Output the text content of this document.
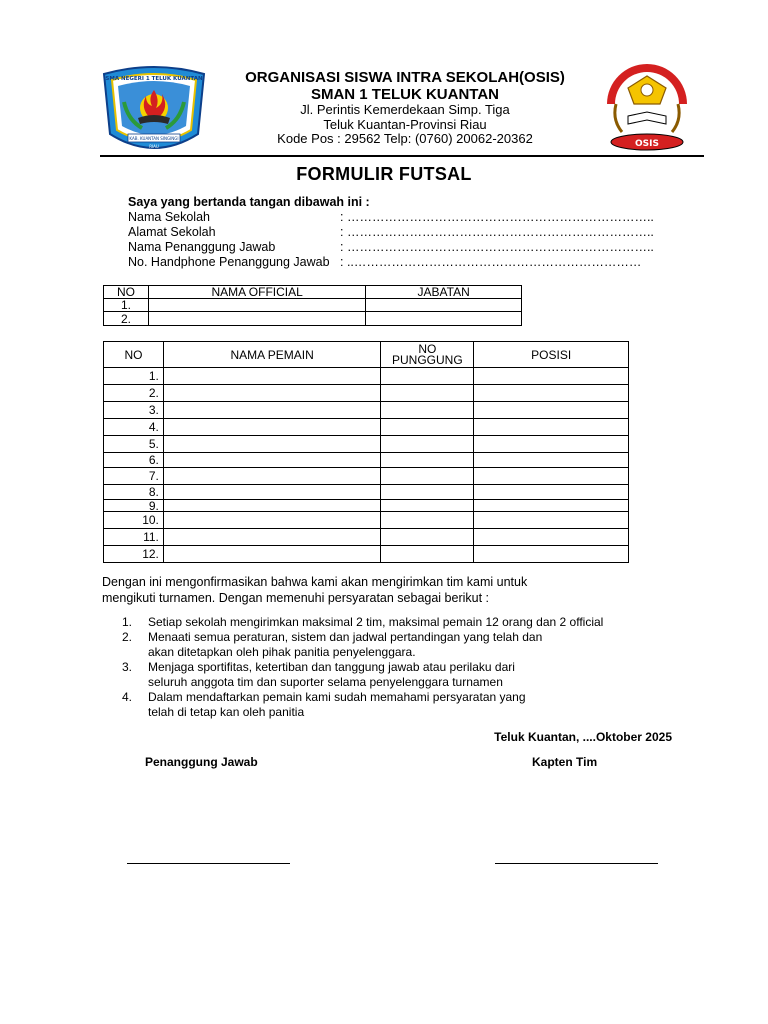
SMA NEGERI 1 TELUK KUANTAN
KAB. KUANTAN SINGINGI
RIAU	OSIS
ORGANISASI SISWA INTRA SEKOLAH(OSIS)
SMAN 1 TELUK KUANTAN
Jl. Perintis Kemerdekaan Simp. Tiga
Teluk Kuantan-Provinsi Riau
Kode Pos : 29562 Telp: (0760) 20062-20362
FORMULIR FUTSAL
Saya yang bertanda tangan dibawah ini :
Nama Sekolah	: ………………………………………………………………..
Alamat Sekolah	: ………………………………………………………………..
Nama Penanggung Jawab	: ………………………………………………………………..
No. Handphone Penanggung Jawab : ..……………………………………………………………
NO	NAMA OFFICIAL	JABATAN
1.		
2.		
NO	NAMA PEMAIN	NO PUNGGUNG	POSISI
1.			
2.			
3.			
4.			
5.			
6.			
7.			
8.			
9.			
10.			
11.			
12.			
Dengan ini mengonfirmasikan bahwa kami akan mengirimkan tim kami untuk mengikuti turnamen. Dengan memenuhi persyaratan sebagai berikut :
1.	Setiap sekolah mengirimkan maksimal 2 tim, maksimal pemain 12 orang dan 2 official
2.	Menaati semua peraturan, sistem dan jadwal pertandingan yang telah dan akan ditetapkan oleh pihak panitia penyelenggara.
3.	Menjaga sportifitas, ketertiban dan tanggung jawab atau perilaku dari seluruh anggota tim dan suporter selama penyelenggara turnamen
4.	Dalam mendaftarkan pemain kami sudah memahami persyaratan yang telah di tetap kan oleh panitia
Teluk Kuantan, ....Oktober 2025
Penanggung Jawab	Kapten Tim
